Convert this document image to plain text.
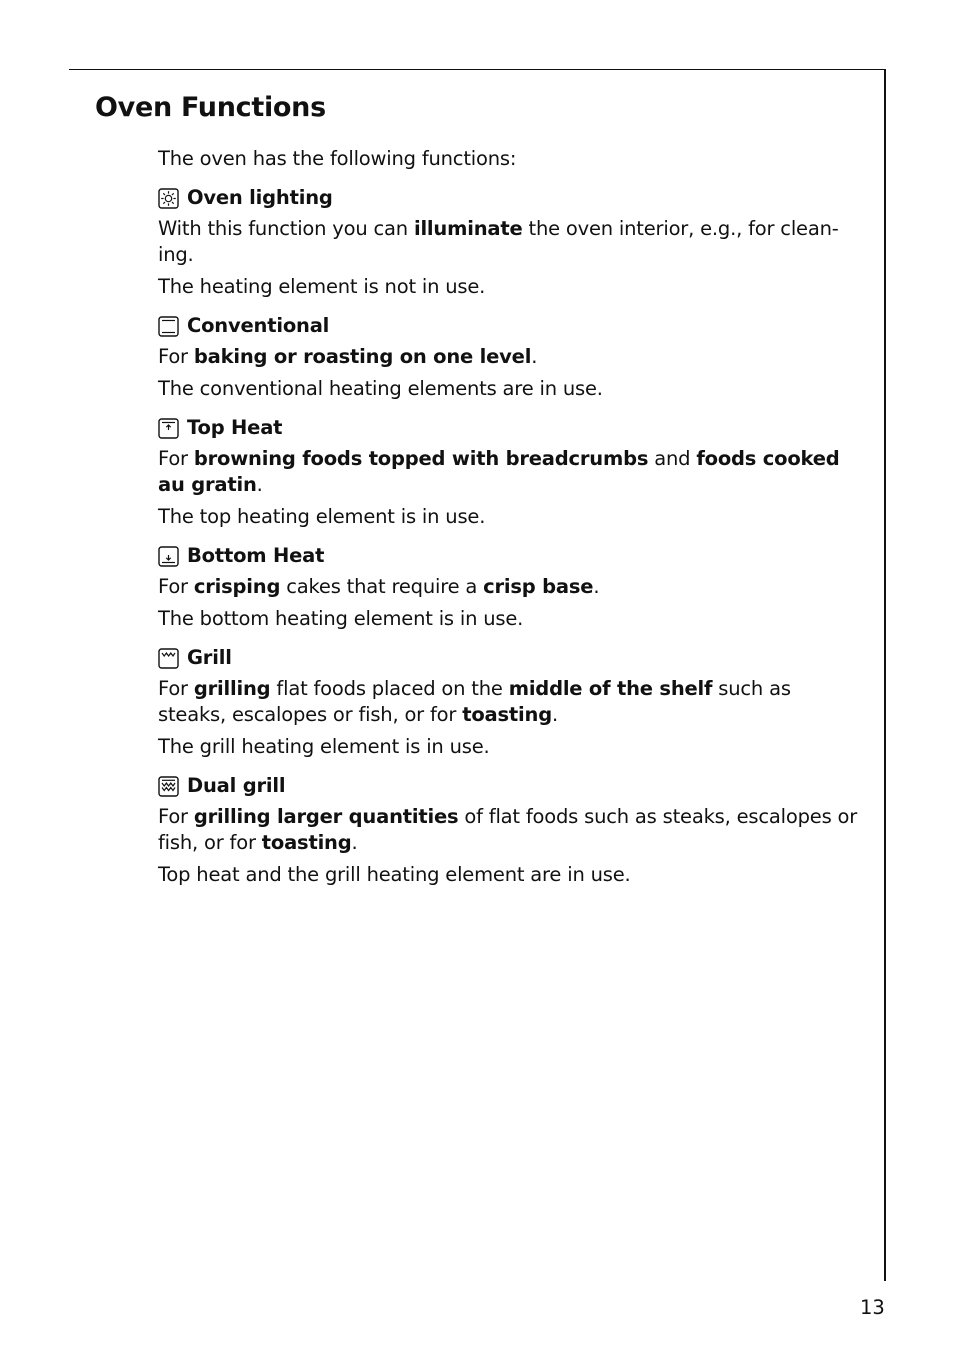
Oven Functions

The oven has the following functions:

Oven lighting

With this function you can illuminate the oven interior, e.g., for clean-ing.

The heating element is not in use.

Conventional

For baking or roasting on one level.

The conventional heating elements are in use.

Top Heat

For browning foods topped with breadcrumbs and foods cooked au gratin.

The top heating element is in use.

Bottom Heat

For crisping cakes that require a crisp base.

The bottom heating element is in use.

Grill

For grilling flat foods placed on the middle of the shelf such as steaks, escalopes or fish, or for toasting.

The grill heating element is in use.

Dual grill

For grilling larger quantities of flat foods such as steaks, escalopes or fish, or for toasting.

Top heat and the grill heating element are in use.

13
